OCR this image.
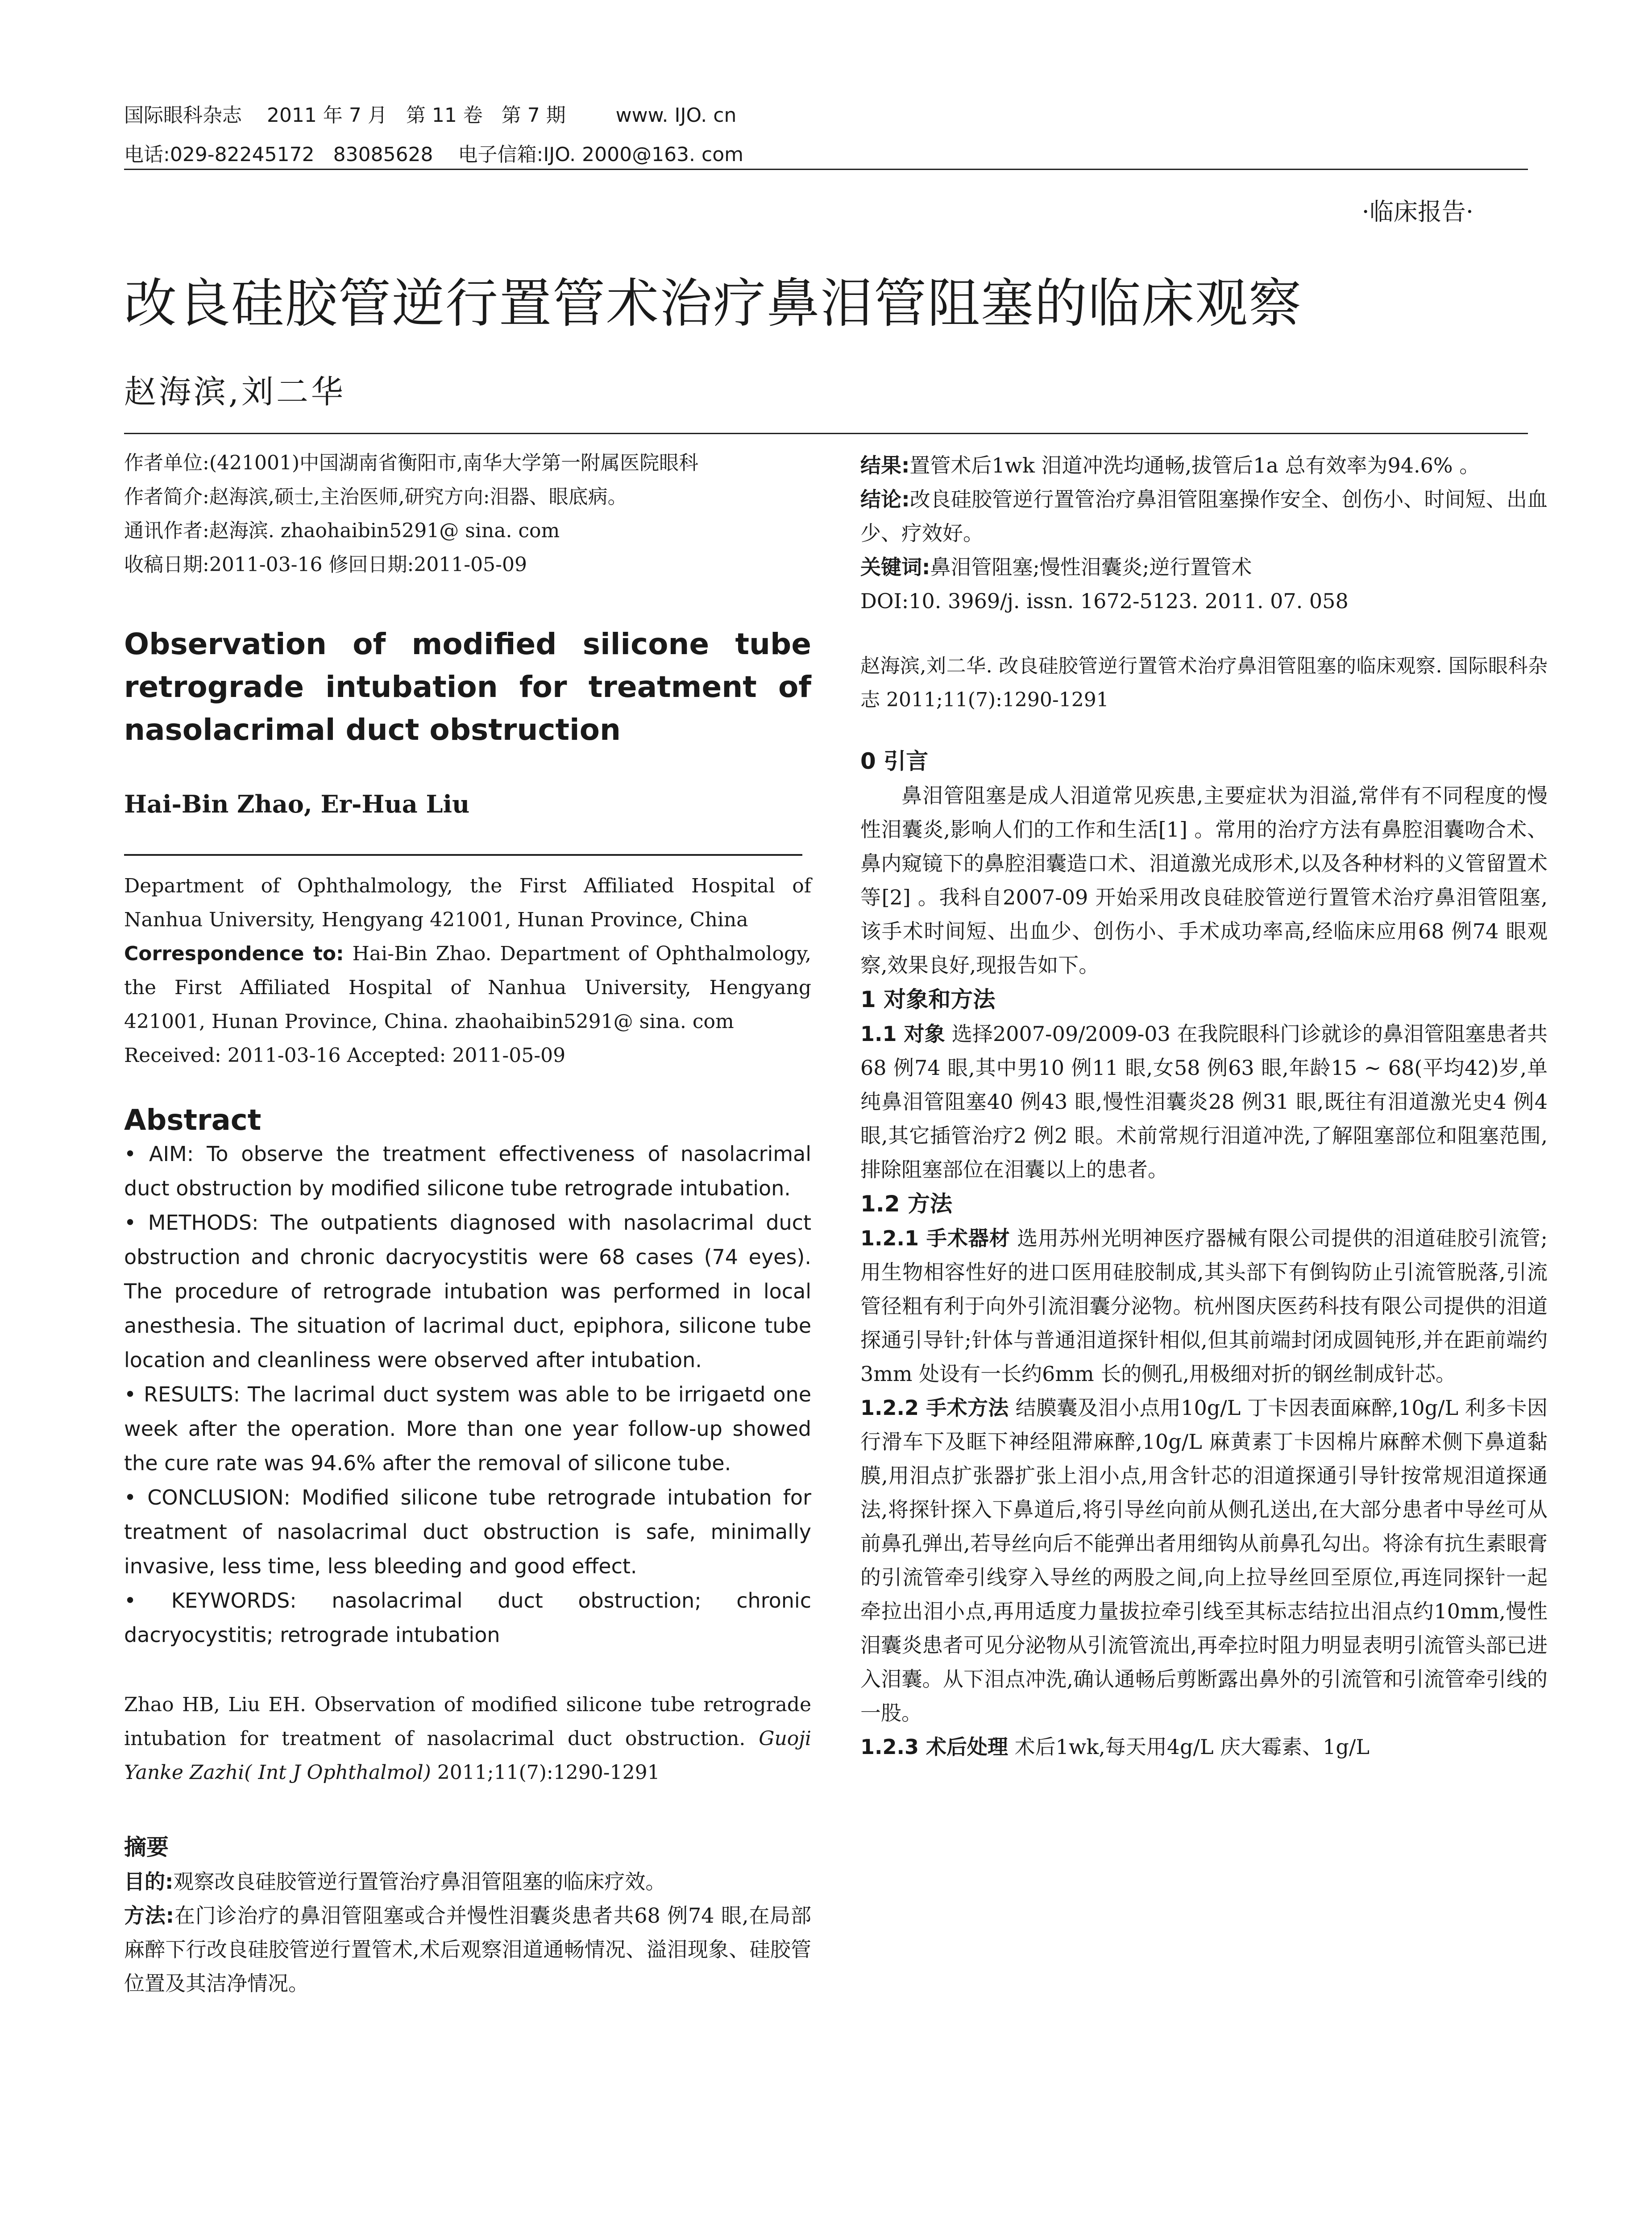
国际眼科杂志    2011 年 7 月   第 11 卷   第 7 期        www. IJO. cn
电话:029-82245172   83085628    电子信箱:IJO. 2000@163. com
·临床报告·
改良硅胶管逆行置管术治疗鼻泪管阻塞的临床观察
赵海滨,刘二华

作者单位:(421001)中国湖南省衡阳市,南华大学第一附属医院眼科

作者简介:赵海滨,硕士,主治医师,研究方向:泪器、眼底病。

通讯作者:赵海滨. zhaohaibin5291@ sina. com

收稿日期:2011-03-16 修回日期:2011-05-09

Observation of modified silicone tube retrograde intubation for treatment of nasolacrimal duct obstruction

Hai-Bin Zhao, Er-Hua Liu

Department of Ophthalmology, the First Affiliated Hospital of Nanhua University, Hengyang 421001, Hunan Province, China

Correspondence to: Hai-Bin Zhao. Department of Ophthalmology, the First Affiliated Hospital of Nanhua University, Hengyang 421001, Hunan Province, China. zhaohaibin5291@ sina. com

Received: 2011-03-16 Accepted: 2011-05-09

Abstract

• AIM: To observe the treatment effectiveness of nasolacrimal duct obstruction by modified silicone tube retrograde intubation.

• METHODS: The outpatients diagnosed with nasolacrimal duct obstruction and chronic dacryocystitis were 68 cases (74 eyes). The procedure of retrograde intubation was performed in local anesthesia. The situation of lacrimal duct, epiphora, silicone tube location and cleanliness were observed after intubation.

• RESULTS: The lacrimal duct system was able to be irrigaetd one week after the operation. More than one year follow-up showed the cure rate was 94.6% after the removal of silicone tube.

• CONCLUSION: Modified silicone tube retrograde intubation for treatment of nasolacrimal duct obstruction is safe, minimally invasive, less time, less bleeding and good effect.

• KEYWORDS: nasolacrimal duct obstruction; chronic dacryocystitis; retrograde intubation

Zhao HB, Liu EH. Observation of modified silicone tube retrograde intubation for treatment of nasolacrimal duct obstruction. Guoji Yanke Zazhi( Int J Ophthalmol) 2011;11(7):1290-1291

摘要

目的:观察改良硅胶管逆行置管治疗鼻泪管阻塞的临床疗效。

方法:在门诊治疗的鼻泪管阻塞或合并慢性泪囊炎患者共68 例74 眼,在局部麻醉下行改良硅胶管逆行置管术,术后观察泪道通畅情况、溢泪现象、硅胶管位置及其洁净情况。

结果:置管术后1wk 泪道冲洗均通畅,拔管后1a 总有效率为94.6% 。

结论:改良硅胶管逆行置管治疗鼻泪管阻塞操作安全、创伤小、时间短、出血少、疗效好。

关键词:鼻泪管阻塞;慢性泪囊炎;逆行置管术

DOI:10. 3969/j. issn. 1672-5123. 2011. 07. 058

赵海滨,刘二华. 改良硅胶管逆行置管术治疗鼻泪管阻塞的临床观察. 国际眼科杂志 2011;11(7):1290-1291

0 引言

鼻泪管阻塞是成人泪道常见疾患,主要症状为泪溢,常伴有不同程度的慢性泪囊炎,影响人们的工作和生活[1] 。常用的治疗方法有鼻腔泪囊吻合术、鼻内窥镜下的鼻腔泪囊造口术、泪道激光成形术,以及各种材料的义管留置术等[2] 。我科自2007-09 开始采用改良硅胶管逆行置管术治疗鼻泪管阻塞,该手术时间短、出血少、创伤小、手术成功率高,经临床应用68 例74 眼观察,效果良好,现报告如下。

1 对象和方法

1.1 对象 选择2007-09/2009-03 在我院眼科门诊就诊的鼻泪管阻塞患者共68 例74 眼,其中男10 例11 眼,女58 例63 眼,年龄15 ~ 68(平均42)岁,单纯鼻泪管阻塞40 例43 眼,慢性泪囊炎28 例31 眼,既往有泪道激光史4 例4 眼,其它插管治疗2 例2 眼。术前常规行泪道冲洗,了解阻塞部位和阻塞范围,排除阻塞部位在泪囊以上的患者。

1.2 方法

1.2.1 手术器材 选用苏州光明神医疗器械有限公司提供的泪道硅胶引流管;用生物相容性好的进口医用硅胶制成,其头部下有倒钩防止引流管脱落,引流管径粗有利于向外引流泪囊分泌物。杭州图庆医药科技有限公司提供的泪道探通引导针;针体与普通泪道探针相似,但其前端封闭成圆钝形,并在距前端约3mm 处设有一长约6mm 长的侧孔,用极细对折的钢丝制成针芯。

1.2.2 手术方法 结膜囊及泪小点用10g/L 丁卡因表面麻醉,10g/L 利多卡因行滑车下及眶下神经阻滞麻醉,10g/L 麻黄素丁卡因棉片麻醉术侧下鼻道黏膜,用泪点扩张器扩张上泪小点,用含针芯的泪道探通引导针按常规泪道探通法,将探针探入下鼻道后,将引导丝向前从侧孔送出,在大部分患者中导丝可从前鼻孔弹出,若导丝向后不能弹出者用细钩从前鼻孔勾出。将涂有抗生素眼膏的引流管牵引线穿入导丝的两股之间,向上拉导丝回至原位,再连同探针一起牵拉出泪小点,再用适度力量拔拉牵引线至其标志结拉出泪点约10mm,慢性泪囊炎患者可见分泌物从引流管流出,再牵拉时阻力明显表明引流管头部已进入泪囊。从下泪点冲洗,确认通畅后剪断露出鼻外的引流管和引流管牵引线的一股。

1.2.3 术后处理 术后1wk,每天用4g/L 庆大霉素、1g/L
